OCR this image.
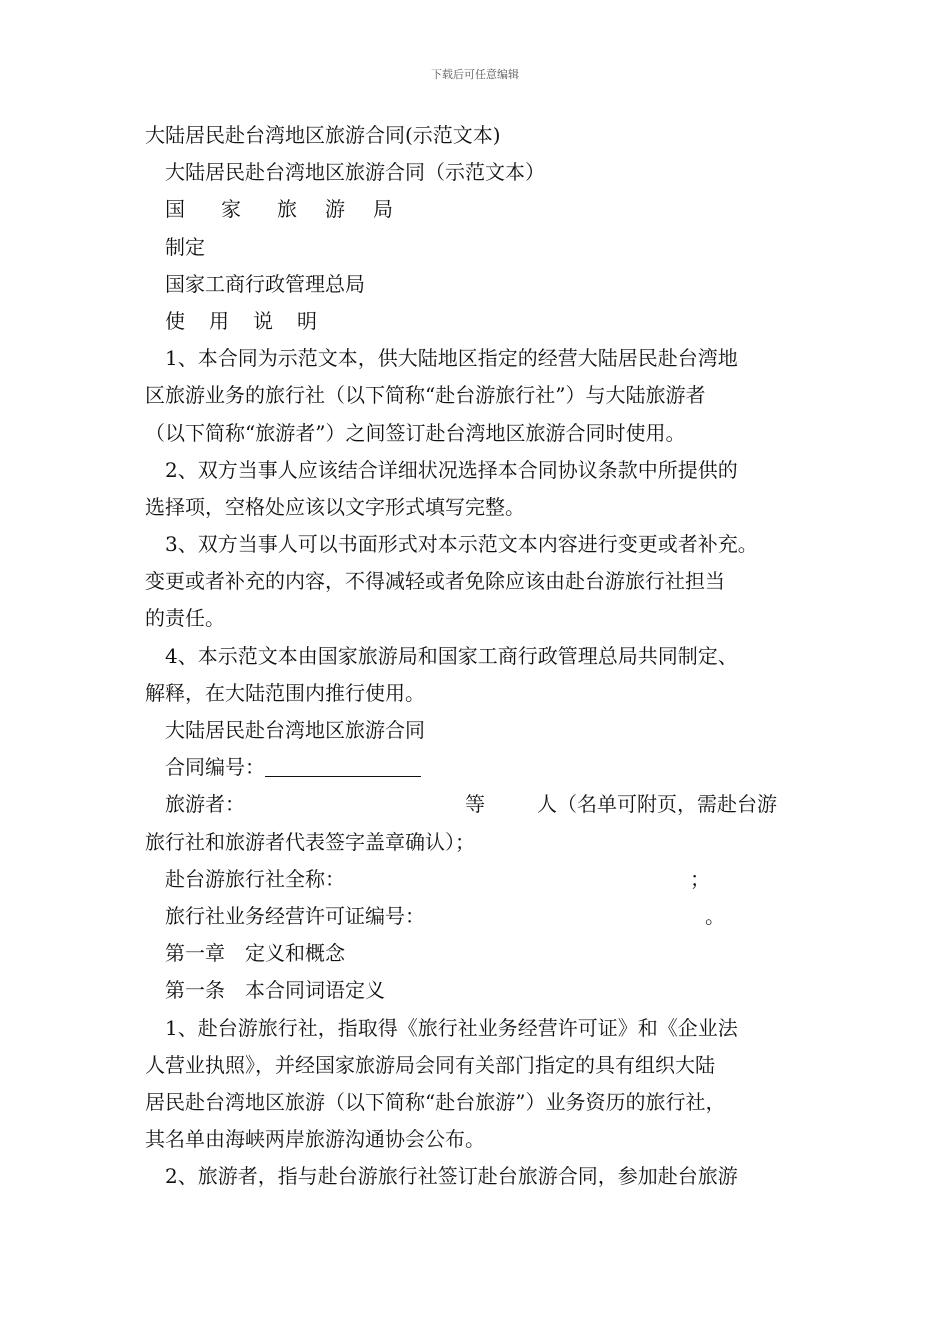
下载后可任意编辑
大陆居民赴台湾地区旅游合同(示范文本)
大陆居民赴台湾地区旅游合同（示范文本）
国 家 旅 游 局
制定
国家工商行政管理总局
使 用 说 明
1、本合同为示范文本，供大陆地区指定的经营大陆居民赴台湾地
区旅游业务的旅行社（以下简称“赴台游旅行社”）与大陆旅游者
（以下简称“旅游者”）之间签订赴台湾地区旅游合同时使用。
2、双方当事人应该结合详细状况选择本合同协议条款中所提供的
选择项，空格处应该以文字形式填写完整。
3、双方当事人可以书面形式对本示范文本内容进行变更或者补充。
变更或者补充的内容，不得减轻或者免除应该由赴台游旅行社担当
的责任。
4、本示范文本由国家旅游局和国家工商行政管理总局共同制定、
解释，在大陆范围内推行使用。
大陆居民赴台湾地区旅游合同
合同编号：
旅游者：	等	人（名单可附页，需赴台游
旅行社和旅游者代表签字盖章确认）；
赴台游旅行社全称：	；
旅行社业务经营许可证编号：	。
第一章　定义和概念
第一条　本合同词语定义
1、赴台游旅行社，指取得《旅行社业务经营许可证》和《企业法
人营业执照》，并经国家旅游局会同有关部门指定的具有组织大陆
居民赴台湾地区旅游（以下简称“赴台旅游”）业务资历的旅行社，
其名单由海峡两岸旅游沟通协会公布。
2、旅游者，指与赴台游旅行社签订赴台旅游合同，参加赴台旅游
